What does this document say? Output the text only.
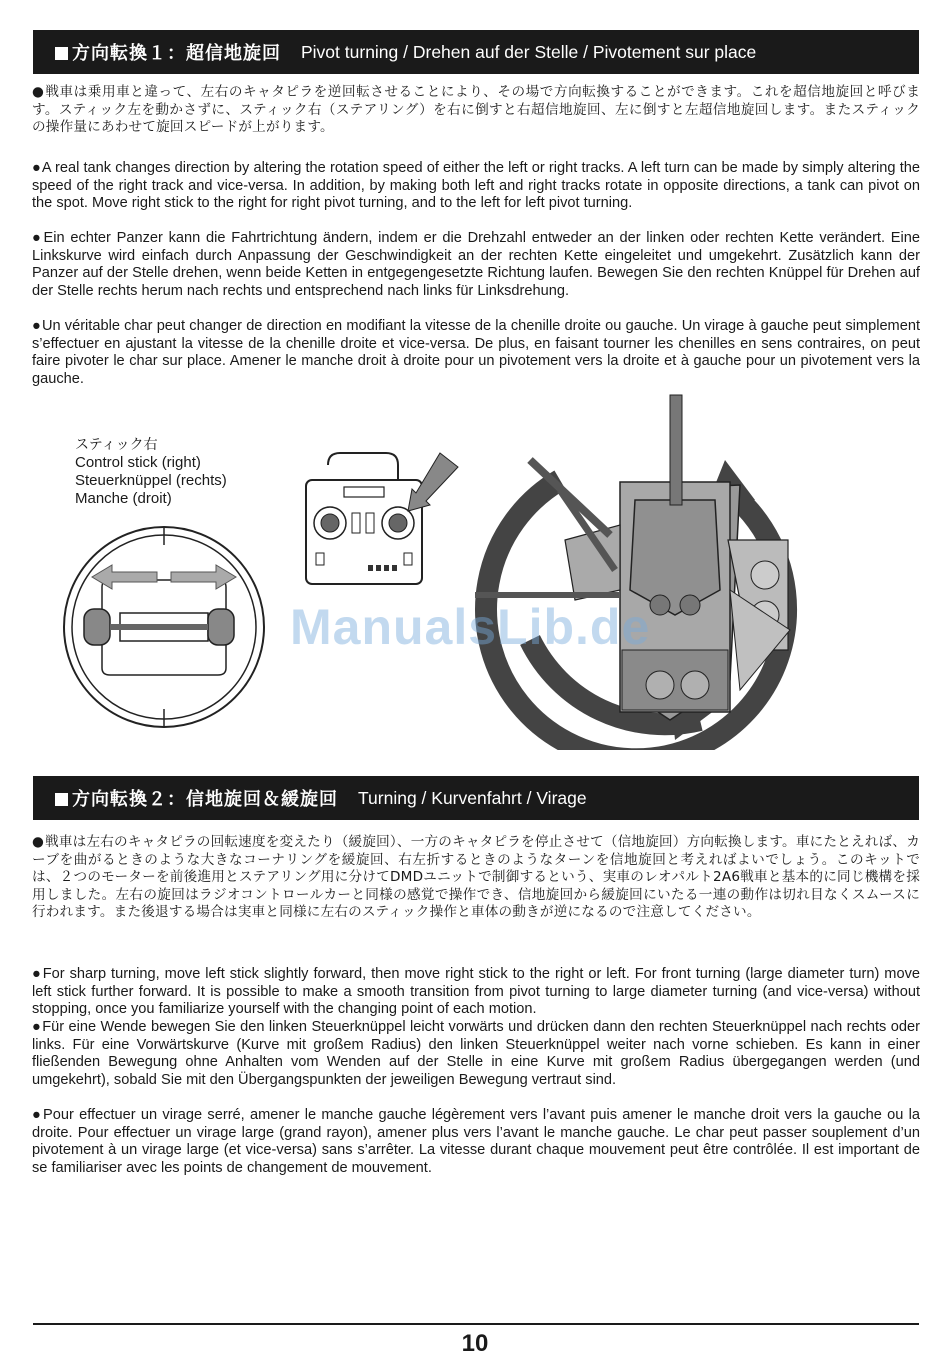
方向転換１：超信地旋回 Pivot turning / Drehen auf der Stelle / Pivotement sur place

● 戦車は乗用車と違って、左右のキャタピラを逆回転させることにより、その場で方向転換することができます。これを超信地旋回と呼びます。スティック左を動かさずに、スティック右（ステアリング）を右に倒すと右超信地旋回、左に倒すと左超信地旋回します。またスティックの操作量にあわせて旋回スピードが上がります。

● A real tank changes direction by altering the rotation speed of either the left or right tracks. A left turn can be made by simply altering the speed of the right track and vice-versa. In addition, by making both left and right tracks rotate in opposite directions, a tank can pivot on the spot. Move right stick to the right for right pivot turning, and to the left for left pivot turning.

● Ein echter Panzer kann die Fahrtrichtung ändern, indem er die Drehzahl entweder an der linken oder rechten Kette verändert. Eine Linkskurve wird einfach durch Anpassung der Geschwindigkeit an der rechten Kette eingeleitet und umgekehrt. Zusätzlich kann der Panzer auf der Stelle drehen, wenn beide Ketten in entgegengesetzte Richtung laufen. Bewegen Sie den rechten Knüppel für Drehen auf der Stelle rechts herum nach rechts und entsprechend nach links für Linksdrehung.

● Un véritable char peut changer de direction en modifiant la vitesse de la chenille droite ou gauche. Un virage à gauche peut simplement s’effectuer en ajustant la vitesse de la chenille droite et vice-versa. De plus, en faisant tourner les chenilles en sens contraires, on peut faire pivoter le char sur place. Amener le manche droit à droite pour un pivotement vers la droite et à gauche pour un pivotement vers la gauche.

スティック右
Control stick (right)
Steuerknüppel (rechts)
Manche (droit)
ManualsLib.de
方向転換２：信地旋回＆緩旋回 Turning / Kurvenfahrt / Virage

● 戦車は左右のキャタピラの回転速度を変えたり（緩旋回）、一方のキャタピラを停止させて（信地旋回）方向転換します。車にたとえれば、カーブを曲がるときのような大きなコーナリングを緩旋回、右左折するときのようなターンを信地旋回と考えればよいでしょう。このキットでは、２つのモーターを前後進用とステアリング用に分けてDMDユニットで制御するという、実車のレオパルト2A6戦車と基本的に同じ機構を採用しました。左右の旋回はラジオコントロールカーと同様の感覚で操作でき、信地旋回から緩旋回にいたる一連の動作は切れ目なくスムースに行われます。また後退する場合は実車と同様に左右のスティック操作と車体の動きが逆になるので注意してください。

● For sharp turning, move left stick slightly forward, then move right stick to the right or left. For front turning (large diameter turn) move left stick further forward. It is possible to make a smooth transition from pivot turning to large diameter turning (and vice-versa) without stopping, once you familiarize yourself with the changing point of each motion.

● Für eine Wende bewegen Sie den linken Steuerknüppel leicht vorwärts und drücken dann den rechten Steuerknüppel nach rechts oder links. Für eine Vorwärtskurve (Kurve mit großem Radius) den linken Steuerknüppel weiter nach vorne schieben. Es kann in einer fließenden Bewegung ohne Anhalten vom Wenden auf der Stelle in eine Kurve mit großem Radius übergegangen werden (und umgekehrt), sobald Sie mit den Übergangspunkten der jeweiligen Bewegung vertraut sind.

● Pour effectuer un virage serré, amener le manche gauche légèrement vers l’avant puis amener le manche droit vers la gauche ou la droite. Pour effectuer un virage large (grand rayon), amener plus vers l’avant le manche gauche. Le char peut passer souplement d’un pivotement à un virage large (et vice-versa) sans s’arrêter. La vitesse durant chaque mouvement peut être contrôlée. Il est important de se familiariser avec les points de changement de mouvement.

10
